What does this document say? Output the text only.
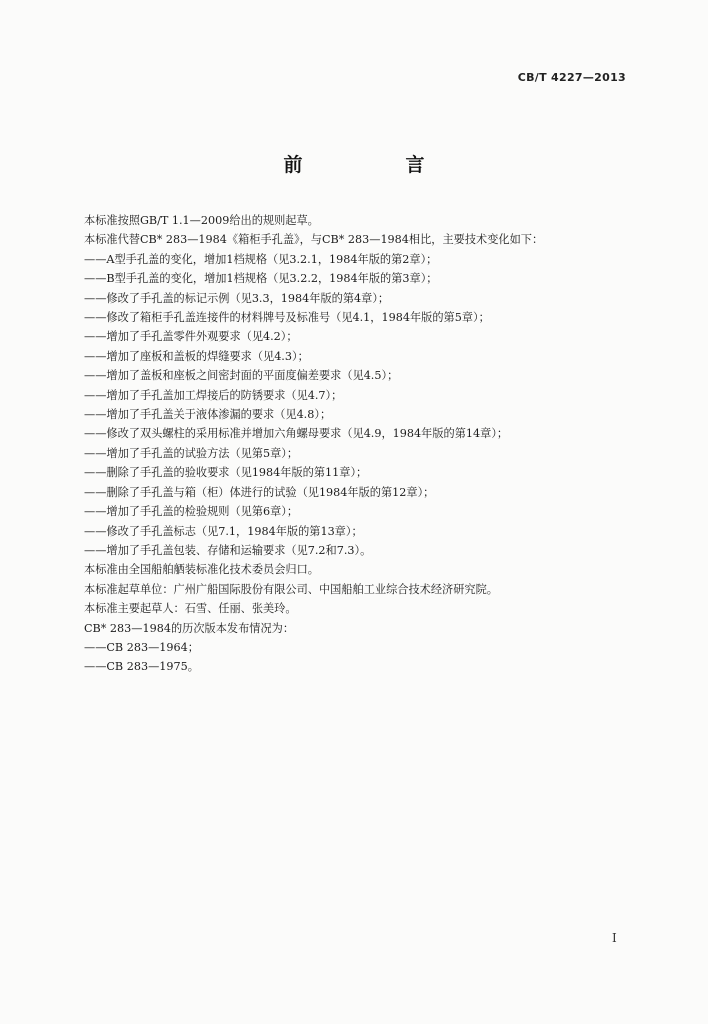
CB/T 4227—2013
前　言
本标准按照GB/T 1.1—2009给出的规则起草。
本标准代替CB* 283—1984《箱柜手孔盖》，与CB* 283—1984相比，主要技术变化如下：
——A型手孔盖的变化，增加1档规格（见3.2.1，1984年版的第2章）；
——B型手孔盖的变化，增加1档规格（见3.2.2，1984年版的第3章）；
——修改了手孔盖的标记示例（见3.3，1984年版的第4章）；
——修改了箱柜手孔盖连接件的材料牌号及标准号（见4.1，1984年版的第5章）；
——增加了手孔盖零件外观要求（见4.2）；
——增加了座板和盖板的焊缝要求（见4.3）；
——增加了盖板和座板之间密封面的平面度偏差要求（见4.5）；
——增加了手孔盖加工焊接后的防锈要求（见4.7）；
——增加了手孔盖关于液体渗漏的要求（见4.8）；
——修改了双头螺柱的采用标准并增加六角螺母要求（见4.9，1984年版的第14章）；
——增加了手孔盖的试验方法（见第5章）；
——删除了手孔盖的验收要求（见1984年版的第11章）；
——删除了手孔盖与箱（柜）体进行的试验（见1984年版的第12章）；
——增加了手孔盖的检验规则（见第6章）；
——修改了手孔盖标志（见7.1，1984年版的第13章）；
——增加了手孔盖包装、存储和运输要求（见7.2和7.3）。
本标准由全国船舶舾装标准化技术委员会归口。
本标准起草单位：广州广船国际股份有限公司、中国船舶工业综合技术经济研究院。
本标准主要起草人：石雪、任丽、张美玲。
CB* 283—1984的历次版本发布情况为：
——CB 283—1964；
——CB 283—1975。
I
